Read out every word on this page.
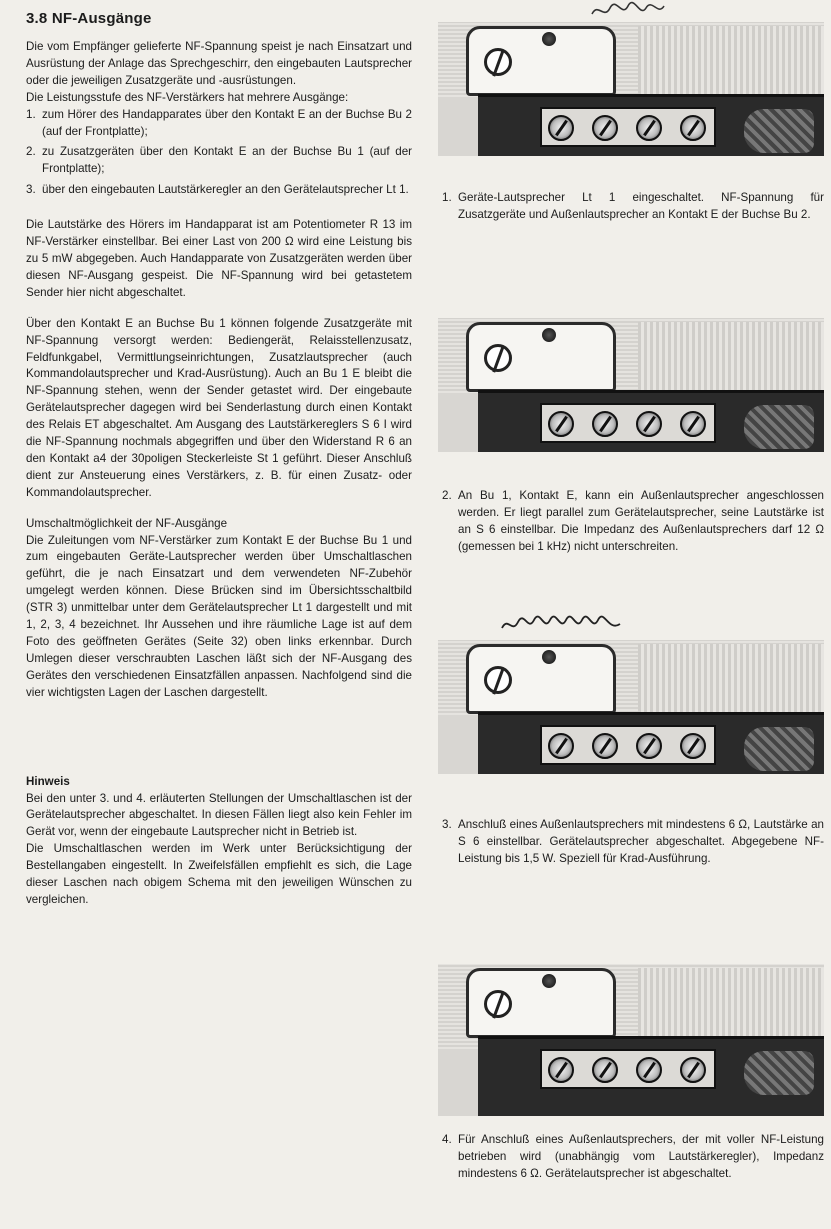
3.8 NF-Ausgänge

Die vom Empfänger gelieferte NF-Spannung speist je nach Einsatzart und Ausrüstung der Anlage das Sprechgeschirr, den eingebauten Lautsprecher oder die jeweiligen Zusatzgeräte und -ausrüstungen.

Die Leistungsstufe des NF-Verstärkers hat mehrere Ausgänge:

1. zum Hörer des Handapparates über den Kontakt E an der Buchse Bu 2 (auf der Frontplatte);
2. zu Zusatzgeräten über den Kontakt E an der Buchse Bu 1 (auf der Frontplatte);
3. über den eingebauten Lautstärkeregler an den Gerätelautsprecher Lt 1.

Die Lautstärke des Hörers im Handapparat ist am Potentiometer R 13 im NF-Verstärker einstellbar. Bei einer Last von 200 Ω wird eine Leistung bis zu 5 mW abgegeben. Auch Handapparate von Zusatzgeräten werden über diesen NF-Ausgang gespeist. Die NF-Spannung wird bei getastetem Sender hier nicht abgeschaltet.

Über den Kontakt E an Buchse Bu 1 können folgende Zusatzgeräte mit NF-Spannung versorgt werden: Bediengerät, Relaisstellenzusatz, Feldfunkgabel, Vermittlungseinrichtungen, Zusatzlautsprecher (auch Kommandolautsprecher und Krad-Ausrüstung). Auch an Bu 1 E bleibt die NF-Spannung stehen, wenn der Sender getastet wird. Der eingebaute Gerätelautsprecher dagegen wird bei Senderlastung durch einen Kontakt des Relais ET abgeschaltet. Am Ausgang des Lautstärkereglers S 6 I wird die NF-Spannung nochmals abgegriffen und über den Widerstand R 6 an den Kontakt a4 der 30poligen Steckerleiste St 1 geführt. Dieser Anschluß dient zur Ansteuerung eines Verstärkers, z. B. für einen Zusatz- oder Kommandolautsprecher.

Umschaltmöglichkeit der NF-Ausgänge

Die Zuleitungen vom NF-Verstärker zum Kontakt E der Buchse Bu 1 und zum eingebauten Geräte-Lautsprecher werden über Umschaltlaschen geführt, die je nach Einsatzart und dem verwendeten NF-Zubehör umgelegt werden können. Diese Brücken sind im Übersichtsschaltbild (STR 3) unmittelbar unter dem Gerätelautsprecher Lt 1 dargestellt und mit 1, 2, 3, 4 bezeichnet. Ihr Aussehen und ihre räumliche Lage ist auf dem Foto des geöffneten Gerätes (Seite 32) oben links erkennbar. Durch Umlegen dieser verschraubten Laschen läßt sich der NF-Ausgang des Gerätes den verschiedenen Einsatzfällen anpassen. Nachfolgend sind die vier wichtigsten Lagen der Laschen dargestellt.

Hinweis

Bei den unter 3. und 4. erläuterten Stellungen der Umschaltlaschen ist der Gerätelautsprecher abgeschaltet. In diesen Fällen liegt also kein Fehler im Gerät vor, wenn der eingebaute Lautsprecher nicht in Betrieb ist.

Die Umschaltlaschen werden im Werk unter Berücksichtigung der Bestellangaben eingestellt. In Zweifelsfällen empfiehlt es sich, die Lage dieser Laschen nach obigem Schema mit den jeweiligen Wünschen zu vergleichen.

1. Geräte-Lautsprecher Lt 1 eingeschaltet. NF-Spannung für Zusatzgeräte und Außenlautsprecher an Kontakt E der Buchse Bu 2.
2. An Bu 1, Kontakt E, kann ein Außenlautsprecher angeschlossen werden. Er liegt parallel zum Gerätelautsprecher, seine Lautstärke ist an S 6 einstellbar. Die Impedanz des Außenlautsprechers darf 12 Ω (gemessen bei 1 kHz) nicht unterschreiten.
3. Anschluß eines Außenlautsprechers mit mindestens 6 Ω, Lautstärke an S 6 einstellbar. Gerätelautsprecher abgeschaltet. Abgegebene NF-Leistung bis 1,5 W. Speziell für Krad-Ausführung.
4. Für Anschluß eines Außenlautsprechers, der mit voller NF-Leistung betrieben wird (unabhängig vom Lautstärkeregler), Impedanz mindestens 6 Ω. Gerätelautsprecher ist abgeschaltet.
